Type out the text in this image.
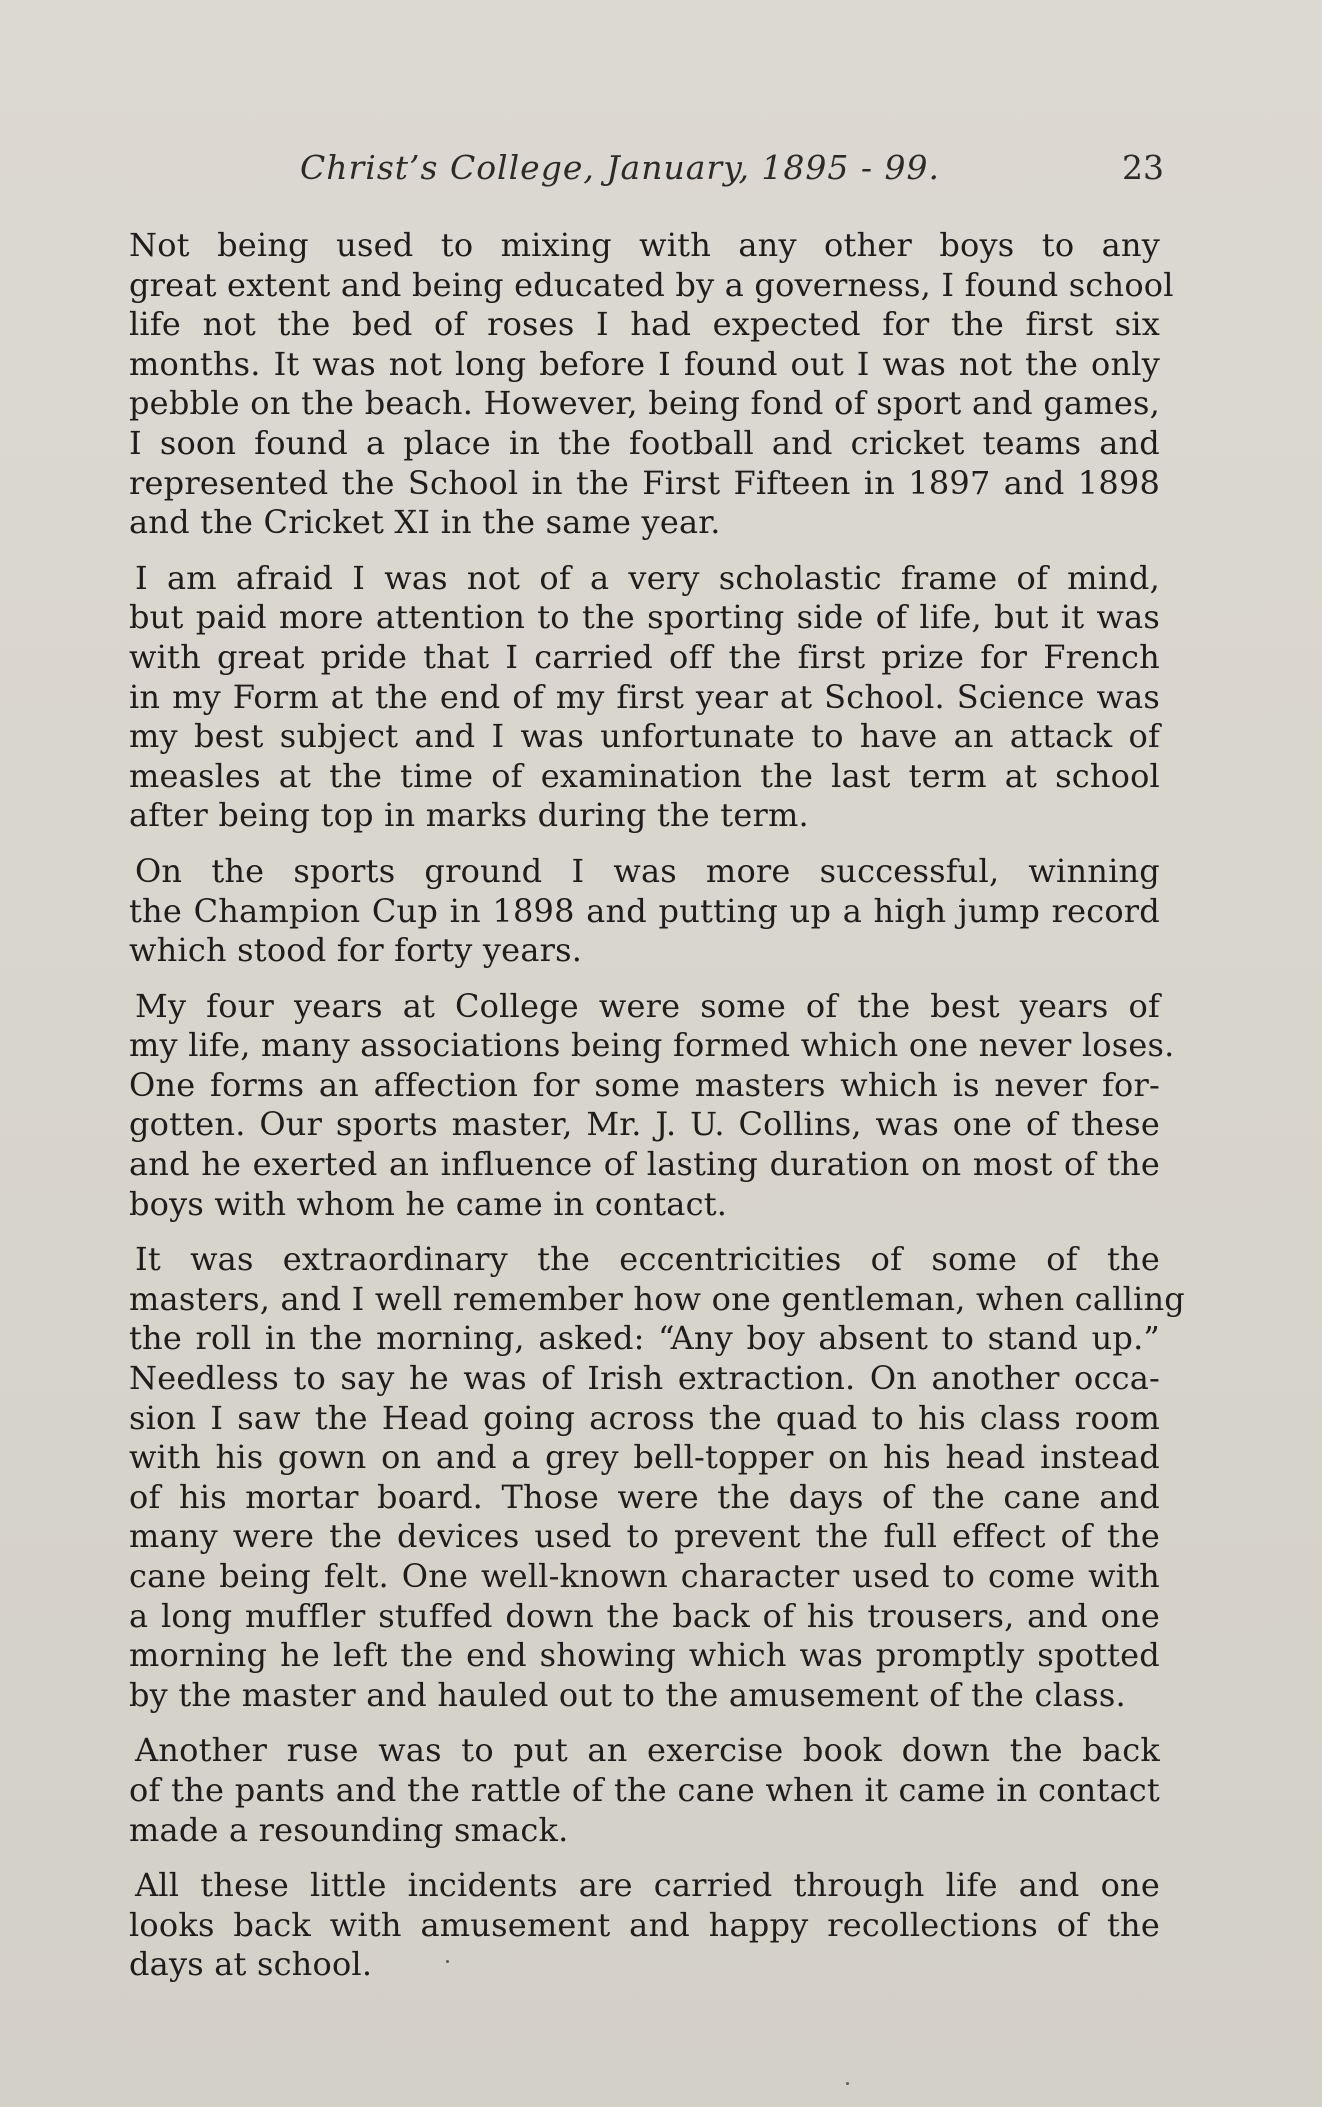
Christ’s College, January, 1895 - 99.	23

Not being used to mixing with any other boys to any
great extent and being educated by a governess, I found school
life not the bed of roses I had expected for the first six
months. It was not long before I found out I was not the only
pebble on the beach. However, being fond of sport and games,
I soon found a place in the football and cricket teams and
represented the School in the First Fifteen in 1897 and 1898
and the Cricket XI in the same year.

I am afraid I was not of a very scholastic frame of mind,
but paid more attention to the sporting side of life, but it was
with great pride that I carried off the first prize for French
in my Form at the end of my first year at School. Science was
my best subject and I was unfortunate to have an attack of
measles at the time of examination the last term at school
after being top in marks during the term.

On the sports ground I was more successful, winning
the Champion Cup in 1898 and putting up a high jump record
which stood for forty years.

My four years at College were some of the best years of
my life, many associations being formed which one never loses.
One forms an affection for some masters which is never for-
gotten. Our sports master, Mr. J. U. Collins, was one of these
and he exerted an influence of lasting duration on most of the
boys with whom he came in contact.

It was extraordinary the eccentricities of some of the
masters, and I well remember how one gentleman, when calling
the roll in the morning, asked: “Any boy absent to stand up.”
Needless to say he was of Irish extraction. On another occa-
sion I saw the Head going across the quad to his class room
with his gown on and a grey bell-topper on his head instead
of his mortar board. Those were the days of the cane and
many were the devices used to prevent the full effect of the
cane being felt. One well-known character used to come with
a long muffler stuffed down the back of his trousers, and one
morning he left the end showing which was promptly spotted
by the master and hauled out to the amusement of the class.

Another ruse was to put an exercise book down the back
of the pants and the rattle of the cane when it came in contact
made a resounding smack.

All these little incidents are carried through life and one
looks back with amusement and happy recollections of the
days at school.
